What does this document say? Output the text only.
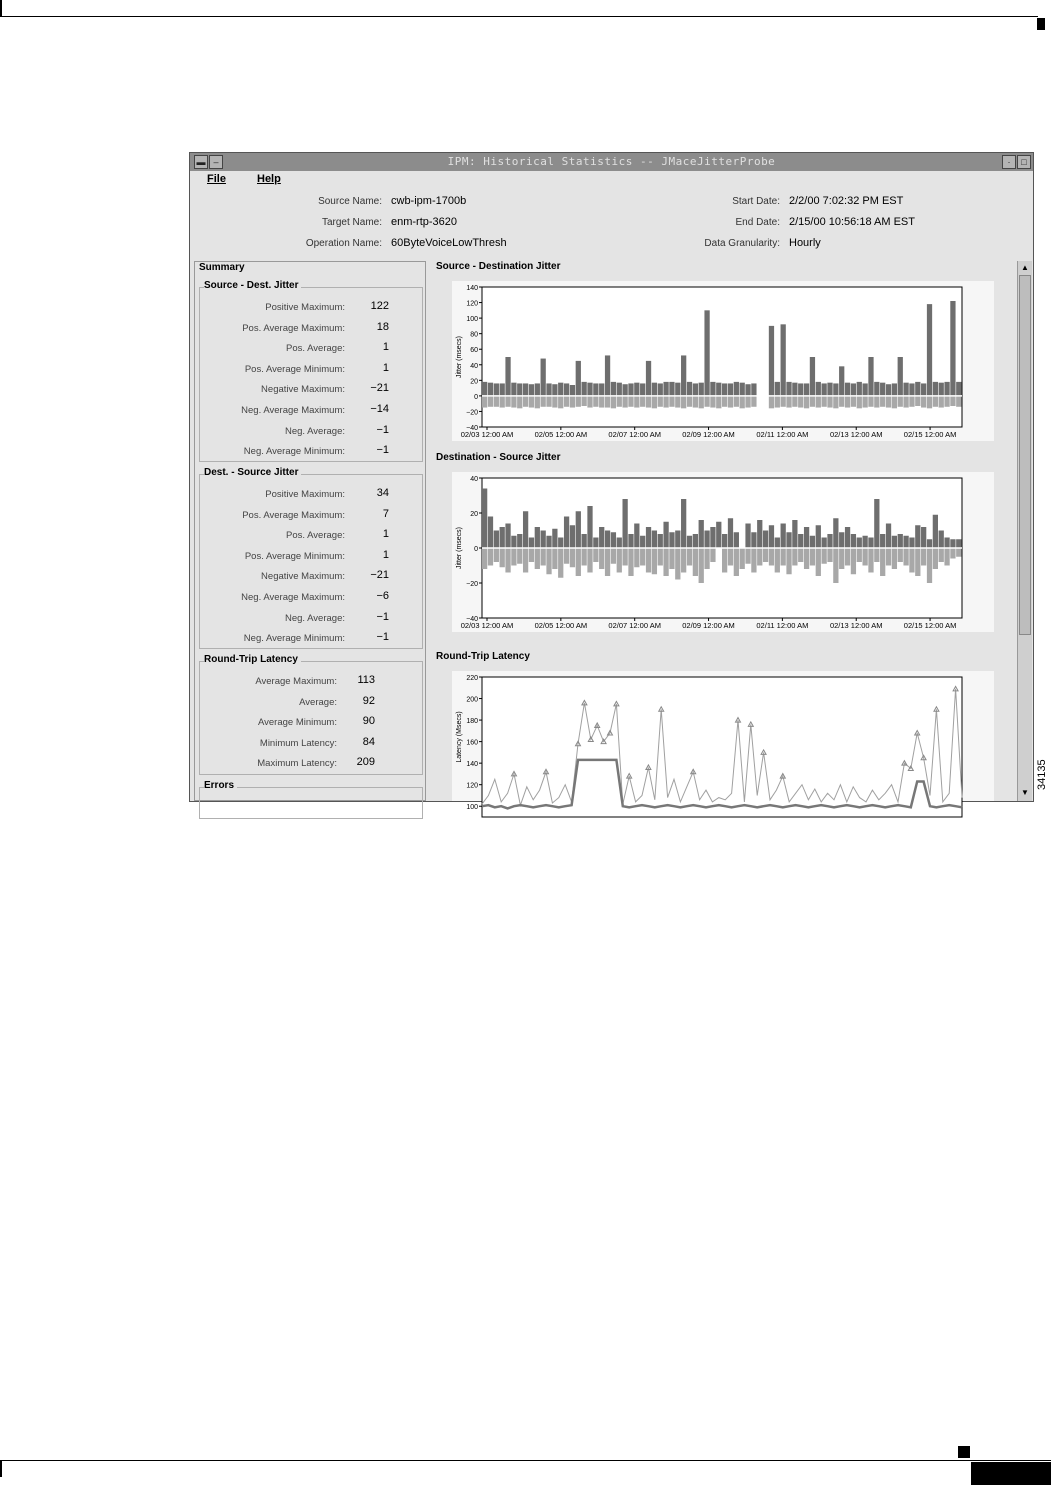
34135
▬ –	IPM: Historical Statistics -- JMaceJitterProbe	·	□
File	Help
Source Name: cwb-ipm-1700b
Target Name: enm-rtp-3620
Operation Name: 60ByteVoiceLowThresh
Start Date: 2/2/00 7:02:32 PM EST
End Date: 2/15/00 10:56:18 AM EST
Data Granularity: Hourly
Summary
Source - Dest. Jitter
Positive Maximum:	122
Pos. Average Maximum:	18
Pos. Average:	1
Pos. Average Minimum:	1
Negative Maximum:	−21
Neg. Average Maximum:	−14
Neg. Average:	−1
Neg. Average Minimum:	−1
Dest. - Source Jitter
Positive Maximum:	34
Pos. Average Maximum:	7
Pos. Average:	1
Pos. Average Minimum:	1
Negative Maximum:	−21
Neg. Average Maximum:	−6
Neg. Average:	−1
Neg. Average Minimum:	−1
Round-Trip Latency
Average Maximum:	113
Average:	92
Average Minimum:	90
Minimum Latency:	84
Maximum Latency:	209
Errors
Source - Destination Jitter
−40
−20
0
20
40
60
80
100
120
140
02/03 12:00 AM	02/05 12:00 AM	02/07 12:00 AM	02/09 12:00 AM	02/11 12:00 AM	02/13 12:00 AM	02/15 12:00 AM
Jitter (msecs)
Destination - Source Jitter
−40
−20
0
20
40
02/03 12:00 AM	02/05 12:00 AM	02/07 12:00 AM	02/09 12:00 AM	02/11 12:00 AM	02/13 12:00 AM	02/15 12:00 AM
Jitter (msecs)
Round-Trip Latency
100
120
140
160
180
200
220
Latency (Msecs)
▲
▼
